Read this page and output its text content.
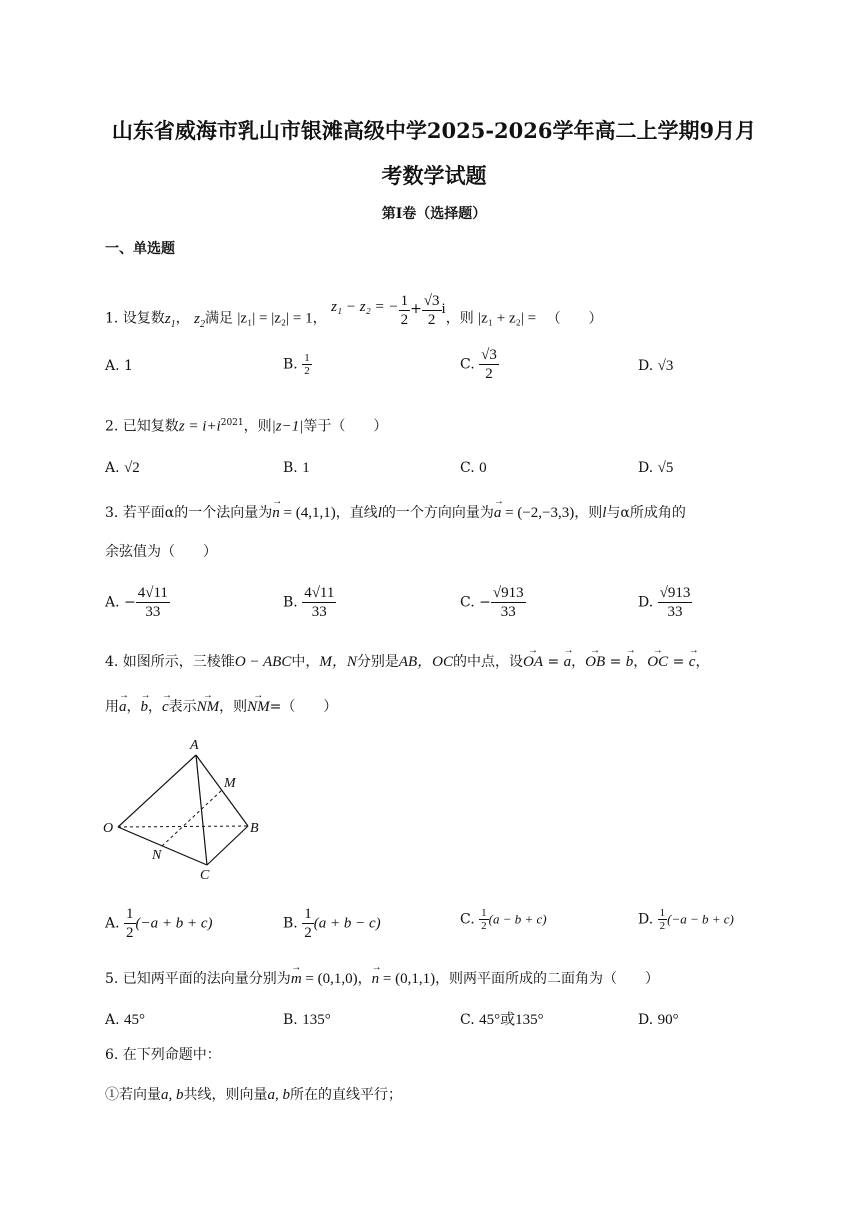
山东省威海市乳山市银滩高级中学2025-2026学年高二上学期9月月
考数学试题
第I卷（选择题）
一、单选题
1. 设复数$z_1$， $z_2$满足 |z₁| = |z₂| = 1， z₁ − z₂ = − $\frac{1}{2} + \frac{√3}{2}$ i，则 |z₁ + z₂| = （　　）
A. 1	B. $\frac{1}{2}$	C. $\frac{√3}{2}$	D. √3
2. 已知复数$z = i+i^{2021}$，则|z−1|等于（　　）
A. √2	B. 1	C. 0	D. √5
3. 若平面α的一个法向量为→ n = (4,1,1)，直线l的一个方向向量为→ a = (−2,−3,3)，则l与α所成角的
余弦值为（　　）
A. − $\frac{4√11}{33}$	B. $\frac{4√11}{33}$	C. − $\frac{√913}{33}$	D. $\frac{√913}{33}$
4. 如图所示，三棱锥O − ABC中，M，N分别是AB，OC的中点，设→ OA = → a，→ OB = → b，→ OC = → c，
用→ a，→ b，→ c表示→ NM，则→ NM=（　　）
A
M
O	B
N
C
A. $\frac{1}{2} (-a + b + c)$	B. $\frac{1}{2} (a + b - c)$	C. $\frac{1}{2} (a - b + c)$	D. $\frac{1}{2} (-a - b + c)$
5. 已知两平面的法向量分别为→ m = (0,1,0)，→ n = (0,1,1)，则两平面所成的二面角为（　　）
A. 45°	B. 135°	C. 45°或135°	D. 90°
6. 在下列命题中：
①若向量a, b共线，则向量a, b所在的直线平行；
